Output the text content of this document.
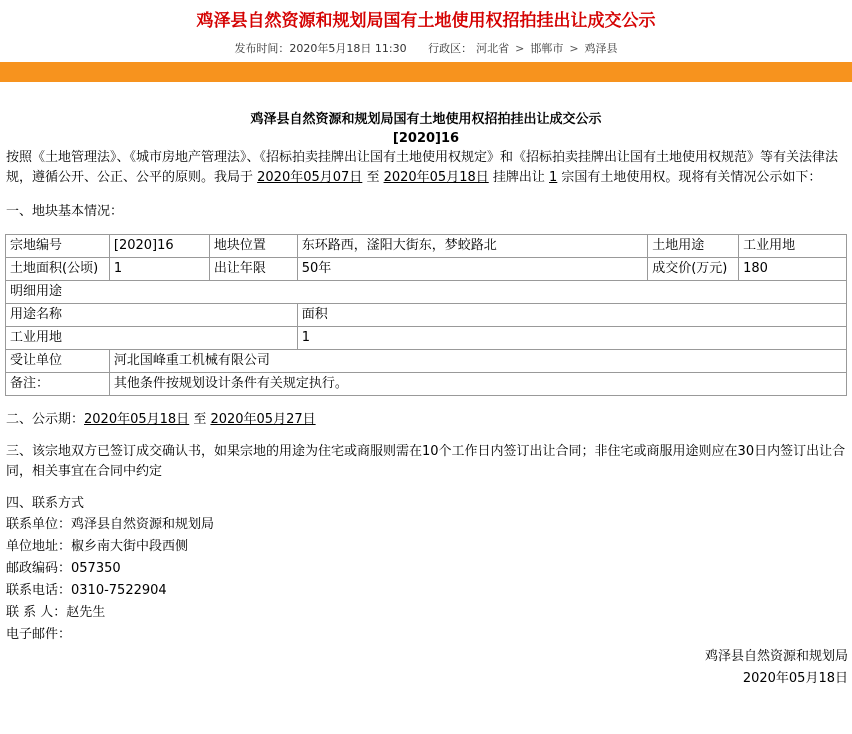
鸡泽县自然资源和规划局国有土地使用权招拍挂出让成交公示
发布时间：2020年5月18日 11:30 行政区： 河北省 > 邯郸市 > 鸡泽县
鸡泽县自然资源和规划局国有土地使用权招拍挂出让成交公示
[2020]16
按照《土地管理法》、《城市房地产管理法》、《招标拍卖挂牌出让国有土地使用权规定》和《招标拍卖挂牌出让国有土地使用权规范》等有关法律法规，遵循公开、公正、公平的原则。我局于 2020年05月07日 至 2020年05月18日 挂牌出让 1 宗国有土地使用权。现将有关情况公示如下：
一、地块基本情况：
宗地编号	[2020]16	地块位置	东环路西，滏阳大街东，梦蛟路北	土地用途	工业用地
土地面积(公顷)	1	出让年限	50年	成交价(万元)	180
明细用途					
用途名称			面积		
工业用地			1		
受让单位	河北国峰重工机械有限公司				
备注：	其他条件按规划设计条件有关规定执行。				
二、公示期：2020年05月18日 至 2020年05月27日
三、该宗地双方已签订成交确认书，如果宗地的用途为住宅或商服则需在10个工作日内签订出让合同；非住宅或商服用途则应在30日内签订出让合同，相关事宜在合同中约定
四、联系方式
联系单位：鸡泽县自然资源和规划局
单位地址：椒乡南大街中段西侧
邮政编码：057350
联系电话：0310-7522904
联 系 人：赵先生
电子邮件：
鸡泽县自然资源和规划局
2020年05月18日
